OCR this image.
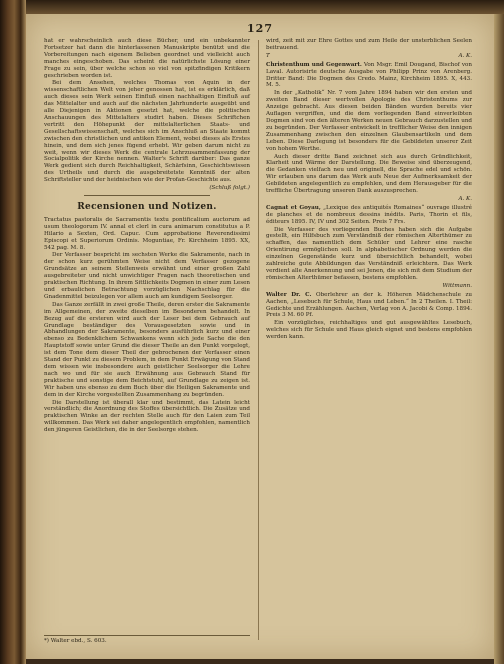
127

hat er wahrscheinlich auch diese Bücher, und ein unbekannter Fortsetzer hat dann die hinterlassenen Manuskripte benützt und die Vorbereitungen nach eigenem Belieben geordnet und vielleicht auch manches eingeschoben. Das scheint die natürlichste Lösung einer Frage zu sein, über welche schon so viel von spitzfindigen Kritikern geschrieben worden ist.

Bei dem Ansehen, welches Thomas von Aquin in der wissenschaftlichen Welt von jeher genossen hat, ist es erklärlich, daß auch dieses sein Werk seinen Einfluß einen nachhaltigen Einfluß auf das Mittelalter und auch auf die nächsten Jahrhunderte ausgeübt und alle Diejenigen in Aktionen gesetzt hat, welche die politischen Anschauungen des Mittelalters studirt haben. Dieses Schriftchen vertritt den Höhepunkt der mittelalterlichen Staats- und Gesellschaftswissenschaft, welches sich im Anschluß an Staate kommt zwischen den christlichen und antiken Element, wobei dieses als Erstes hinein, und dem sich jenes fügend erhebt. Wir geben darum nicht zu weit, wenn wir dieses Werk die centrale Lehrzusammenfassung der Socialpolitik der Kirche nennen. Walter's Schrift darüber: Das ganze Werk gedient sich durch Reichhaltigkeit, Schärfsinn, Geschichtswissen des Urtheils und durch die ausgebreitetste Kenntniß der alten Schriftsteller und der heidnischen wie der Profan-Geschichte aus.

(Schluß folgt.)
Recensionen und Notizen.

Tractatus pastoralis de Sacramentis textu pontificalium auctorum ad usum theologorum IV. annal et clerl in cura animarum constitutus a P. Hilario a Sexten, Ord. Capuc. Cum approbatione Reverendissimi Episcopi et Superiorum Ordinis. Moguntiae, Fr. Kirchheim 1895. XX, 542 pag. M. 8.

Der Verfasser bespricht im sechsten Werke die Sakramente, nach in der schon kurz gerühmten Weise nicht dem Verfasser gezogene Grundsätze an seinem Stellenweis erwähnt und einer großen Zahl ausgebreiteter und nicht unwichtiger Fragen nach theoretischen und praktischen Richtung. In ihrem Sittlichkeits Dogmen in einer zum Lesen und erbaulichen Betrachtung vorzüglichen Nachschlag für die Gnadenmittel beizulegen vor allem auch am kundigem Seelsorger.

Das Ganze zerfällt in zwei große Theile, deren erster die Sakramente im Allgemeinen, der zweite dieselben im Besonderen behandelt. In Bezug auf die ersteren wird auch der Leser bei dem Gebrauch auf Grundlage beständiger des Vorausgesetzten sowie und in Abhandlungen der Sakramente, besonders ausführlich kurz und einer ebenso zu Bedenklichem Schwankens wenn sich jede Sache die den Hauptstoff sowie unter Grund die dieser Theile an den Punkt vorgelegt, ist dem Tone dem dieser Theil der gebrochenen der Verfasser einen Stand der Punkt zu diesem Problem, in dem Punkt Erwägung von Stand dem wissen wie insbesondere auch geistlicher Seelsorger die Lehre nach wo und für sie auch Erwähnung aus Gebrauch Stand für praktische und sonstige dem Beichtstuhl, auf Grundlage zu zeigen ist. Wir haben uns ebenso zu dem Buch über die Heiligen Sakramente und dem in der Kirche vorgestellten Zusammenhang zu begründen.

Die Darstellung ist überall klar und bestimmt, das Latein leicht verständlich; die Anordnung des Stoffes übersichtlich. Die Zusätze und praktischen Winke an der rechten Stelle auch für den Laien zum Teil willkommen. Das Werk sei daher angelegentlich empfohlen, namentlich den jüngeren Geistlichen, die in der Seelsorge stehen.

wird, zeit mit zur Ehre Gottes und zum Heile der unsterblichen Seelen beitrauend.

T	A. K.

Christenthum und Gegenwart. Von Msgr. Emil Dougand, Bischof von Laval. Autorisirte deutsche Ausgabe von Philipp Prinz von Arenberg. Dritter Band: Die Dogmen des Credo. Mainz, Kirchheim 1895. X, 443. M. 5.

In der „Katholik“ Nr. 7 vom Jahre 1894 haben wir den ersten und zweiten Band dieser wertvollen Apologie des Christenthums zur Anzeige gebracht. Aus diesen beiden Bänden wurden bereits vier Auflagen vergriffen, und die dem vorliegenden Band einverleibten Dogmen sind von den älteren Werken neuen Gebrauch darzustellen und zu begründen. Der Verfasser entwickelt in trefflicher Weise den innigen Zusammenhang zwischen den einzelnen Glaubensartikeln und dem Leben. Diese Darlegung ist besonders für die Gebildeten unserer Zeit von hohem Werthe.

Auch dieser dritte Band zeichnet sich aus durch Gründlichkeit, Klarheit und Wärme der Darstellung. Die Beweise sind überzeugend, die Gedanken vielfach neu und originell, die Sprache edel und schön. Wir erlauben uns darum das Werk aufs Neue der Aufmerksamkeit der Gebildeten angelegentlich zu empfehlen, und dem Herausgeber für die treffliche Übertragung unseren Dank auszusprechen.

A. K.

Cagnat et Goyau, „Lexique des antiquités Romaines“ ouvrage illustré de planches et de nombreux dessins inédits. Paris, Thorin et fils, éditeurs 1895. IV, IV und 302 Seiten. Preis 7 Frs.

Die Verfasser des vorliegenden Buches haben sich die Aufgabe gestellt, ein Hilfsbuch zum Verständniß der römischen Alterthümer zu schaffen, das namentlich dem Schüler und Lehrer eine rasche Orientirung ermöglichen soll. In alphabetischer Ordnung werden die einzelnen Gegenstände kurz und übersichtlich behandelt, wobei zahlreiche gute Abbildungen das Verständniß erleichtern. Das Werk verdient alle Anerkennung und sei Jenen, die sich mit dem Studium der römischen Alterthümer befassen, bestens empfohlen.

Wittmann.

Walter Dr. C. Oberlehrer an der k. Höheren Mädchenschule zu Aachen, „Lesebuch für Schule, Haus und Leben.“ In 2 Theilen. I. Theil: Gedichte und Erzählungen. Aachen, Verlag von A. Jacobi & Comp. 1894. Preis 3 M. 60 Pf.

Ein vorzügliches, reichhaltiges und gut ausgewähltes Lesebuch, welches sich für Schule und Haus gleich eignet und bestens empfohlen werden kann.

*) Walter ebd., S. 603.
